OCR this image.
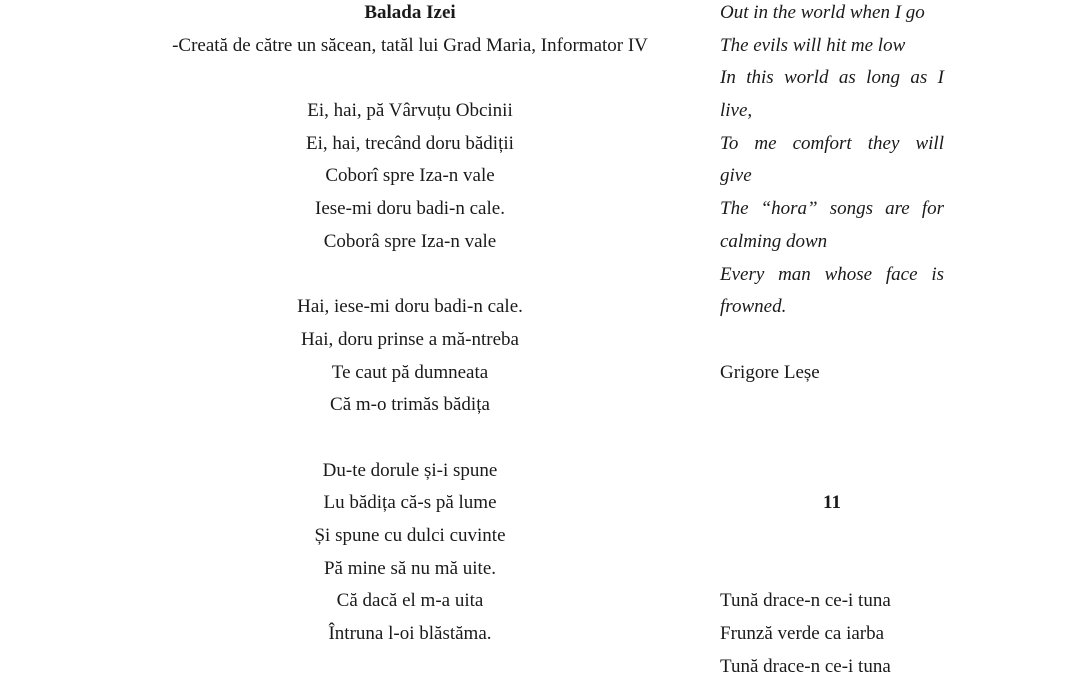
Balada Izei
-Creată de către un săcean, tatăl lui Grad Maria, Informator IV
Ei, hai, pă Vârvuțu Obcinii
Ei, hai, trecând doru bădiții
Coborî spre Iza-n vale
Iese-mi doru badi-n cale.
Coborâ spre Iza-n vale
Hai, iese-mi doru badi-n cale.
Hai, doru prinse a mă-ntreba
Te caut pă dumneata
Că m-o trimăs bădița
Du-te dorule și-i spune
Lu bădița că-s pă lume
Și spune cu dulci cuvinte
Pă mine să nu mă uite.
Că dacă el m-a uita
Întruna l-oi blăstăma.
Out in the world when I go
The evils will hit me low
In this world as long as I
live,
To me comfort they will
give
The “hora” songs are for
calming down
Every man whose face is
frowned.
Grigore Leșe
11
Tună drace-n ce-i tuna
Frunză verde ca iarba
Tună drace-n ce-i tuna
